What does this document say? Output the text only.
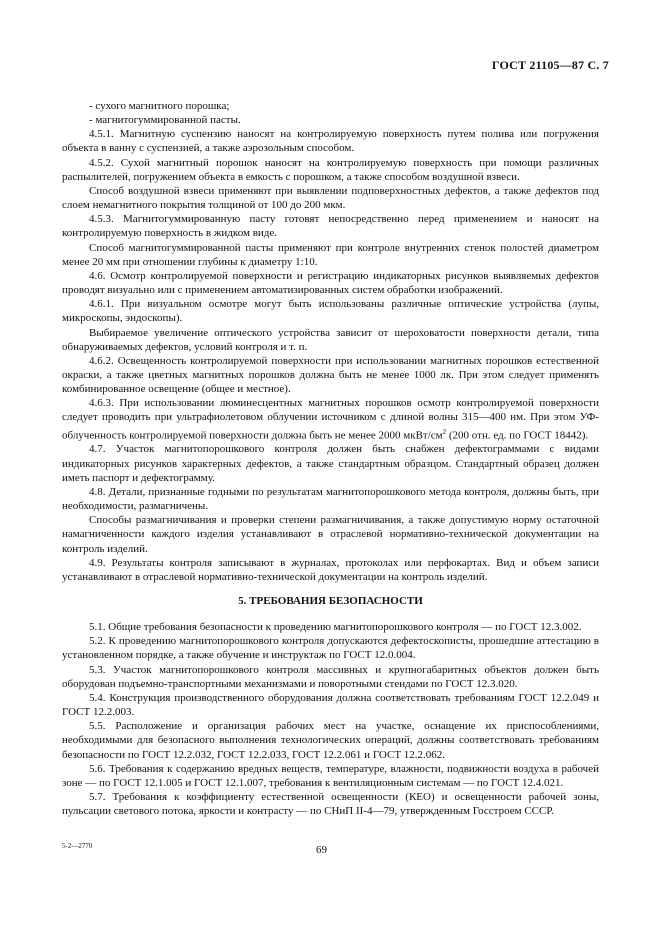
ГОСТ 21105—87 С. 7

- сухого магнитного порошка;

- магнитогуммированной пасты.

4.5.1. Магнитную суспензию наносят на контролируемую поверхность путем полива или погружения объекта в ванну с суспензией, а также аэрозольным способом.

4.5.2. Сухой магнитный порошок наносят на контролируемую поверхность при помощи различных распылителей, погружением объекта в емкость с порошком, а также способом воздушной взвеси.

Способ воздушной взвеси применяют при выявлении подповерхностных дефектов, а также дефектов под слоем немагнитного покрытия толщиной от 100 до 200 мкм.

4.5.3. Магнитогуммированную пасту готовят непосредственно перед применением и наносят на контролируемую поверхность в жидком виде.

Способ магнитогуммированной пасты применяют при контроле внутренних стенок полостей диаметром менее 20 мм при отношении глубины к диаметру 1:10.

4.6. Осмотр контролируемой поверхности и регистрацию индикаторных рисунков выявляемых дефектов проводят визуально или с применением автоматизированных систем обработки изображений.

4.6.1. При визуальном осмотре могут быть использованы различные оптические устройства (лупы, микроскопы, эндоскопы).

Выбираемое увеличение оптического устройства зависит от шероховатости поверхности детали, типа обнаруживаемых дефектов, условий контроля и т. п.

4.6.2. Освещенность контролируемой поверхности при использовании магнитных порошков естественной окраски, а также цветных магнитных порошков должна быть не менее 1000 лк. При этом следует применять комбинированное освещение (общее и местное).

4.6.3. При использовании люминесцентных магнитных порошков осмотр контролируемой поверхности следует проводить при ультрафиолетовом облучении источником с длиной волны 315—400 нм. При этом УФ-облученность контролируемой поверхности должна быть не менее 2000 мкВт/$см^2$ (200 отн. ед. по ГОСТ 18442).

4.7. Участок магнитопорошкового контроля должен быть снабжен дефектограммами с видами индикаторных рисунков характерных дефектов, а также стандартным образцом. Стандартный образец должен иметь паспорт и дефектограмму.

4.8. Детали, признанные годными по результатам магнитопорошкового метода контроля, должны быть, при необходимости, размагничены.

Способы размагничивания и проверки степени размагничивания, а также допустимую норму остаточной намагниченности каждого изделия устанавливают в отраслевой нормативно-технической документации на контроль изделий.

4.9. Результаты контроля записывают в журналах, протоколах или перфокартах. Вид и объем записи устанавливают в отраслевой нормативно-технической документации на контроль изделий.

5. ТРЕБОВАНИЯ БЕЗОПАСНОСТИ

5.1. Общие требования безопасности к проведению магнитопорошкового контроля — по ГОСТ 12.3.002.

5.2. К проведению магнитопорошкового контроля допускаются дефектоскописты, прошедшие аттестацию в установленном порядке, а также обучение и инструктаж по ГОСТ 12.0.004.

5.3. Участок магнитопорошкового контроля массивных и крупногабаритных объектов должен быть оборудован подъемно-транспортными механизмами и поворотными стендами по ГОСТ 12.3.020.

5.4. Конструкция производственного оборудования должна соответствовать требованиям ГОСТ 12.2.049 и ГОСТ 12.2.003.

5.5. Расположение и организация рабочих мест на участке, оснащение их приспособлениями, необходимыми для безопасного выполнения технологических операций, должны соответствовать требованиям безопасности по ГОСТ 12.2.032, ГОСТ 12.2.033, ГОСТ 12.2.061 и ГОСТ 12.2.062.

5.6. Требования к содержанию вредных веществ, температуре, влажности, подвижности воздуха в рабочей зоне — по ГОСТ 12.1.005 и ГОСТ 12.1.007, требования к вентиляционным системам — по ГОСТ 12.4.021.

5.7. Требования к коэффициенту естественной освещенности (КЕО) и освещенности рабочей зоны, пульсации светового потока, яркости и контрасту — по СНиП II-4—79, утвержденным Госстроем СССР.

5-2—2770	69
